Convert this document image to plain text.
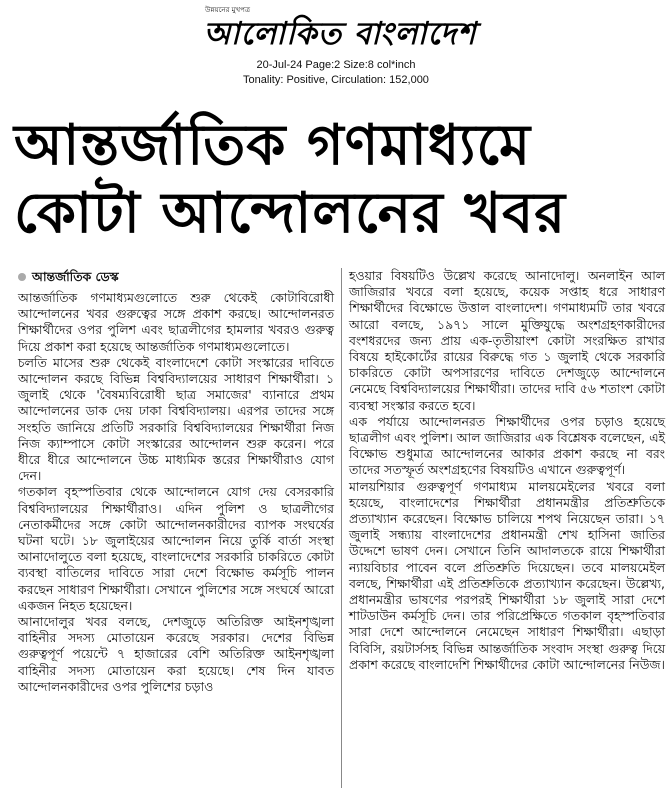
উন্নয়নের মুখপত্র
আলোকিত বাংলাদেশ
20-Jul-24 Page:2 Size:8 col*inch
Tonality: Positive, Circulation: 152,000
আন্তর্জাতিক গণমাধ্যমে
কোটা আন্দোলনের খবর
আন্তর্জাতিক ডেস্ক

আন্তর্জাতিক গণমাধ্যমগুলোতে শুরু থেকেই কোটাবিরোধী আন্দোলনের খবর গুরুত্বের সঙ্গে প্রকাশ করছে। আন্দোলনরত শিক্ষার্থীদের ওপর পুলিশ এবং ছাত্রলীগের হামলার খবরও গুরুত্ব দিয়ে প্রকাশ করা হয়েছে আন্তর্জাতিক গণমাধ্যমগুলোতে।

চলতি মাসের শুরু থেকেই বাংলাদেশে কোটা সংস্কারের দাবিতে আন্দোলন করছে বিভিন্ন বিশ্ববিদ্যালয়ের সাধারণ শিক্ষার্থীরা। ১ জুলাই থেকে 'বৈষম্যবিরোধী ছাত্র সমাজের' ব্যানারে প্রথম আন্দোলনের ডাক দেয় ঢাকা বিশ্ববিদ্যালয়। এরপর তাদের সঙ্গে সংহতি জানিয়ে প্রতিটি সরকারি বিশ্ববিদ্যালয়ের শিক্ষার্থীরা নিজ নিজ ক্যাম্পাসে কোটা সংস্কারের আন্দোলন শুরু করেন। পরে ধীরে ধীরে আন্দোলনে উচ্চ মাধ্যমিক স্তরের শিক্ষার্থীরাও যোগ দেন।

গতকাল বৃহস্পতিবার থেকে আন্দোলনে যোগ দেয় বেসরকারি বিশ্ববিদ্যালয়ের শিক্ষার্থীরাও। এদিন পুলিশ ও ছাত্রলীগের নেতাকর্মীদের সঙ্গে কোটা আন্দোলনকারীদের ব্যাপক সংঘর্ষের ঘটনা ঘটে। ১৮ জুলাইয়ের আন্দোলন নিয়ে তুর্কি বার্তা সংস্থা আনাদোলুতে বলা হয়েছে, বাংলাদেশের সরকারি চাকরিতে কোটা ব্যবস্থা বাতিলের দাবিতে সারা দেশে বিক্ষোভ কর্মসূচি পালন করছেন সাধারণ শিক্ষার্থীরা। সেখানে পুলিশের সঙ্গে সংঘর্ষে আরো একজন নিহত হয়েছেন।

আনাদোলুর খবর বলছে, দেশজুড়ে অতিরিক্ত আইনশৃঙ্খলা বাহিনীর সদস্য মোতায়েন করেছে সরকার। দেশের বিভিন্ন গুরুত্বপূর্ণ পয়েন্টে ৭ হাজারের বেশি অতিরিক্ত আইনশৃঙ্খলা বাহিনীর সদস্য মোতায়েন করা হয়েছে। শেষ দিন যাবত আন্দোলনকারীদের ওপর পুলিশের চড়াও

হওয়ার বিষয়টিও উল্লেখ করেছে আনাদোলু। অনলাইন আল জাজিরার খবরে বলা হয়েছে, কয়েক সপ্তাহ ধরে সাধারণ শিক্ষার্থীদের বিক্ষোভে উত্তাল বাংলাদেশ। গণমাধ্যমটি তার খবরে আরো বলছে, ১৯৭১ সালে মুক্তিযুদ্ধে অংশগ্রহণকারীদের বংশধরদের জন্য প্রায় এক-তৃতীয়াংশ কোটা সংরক্ষিত রাখার বিষয়ে হাইকোর্টের রায়ের বিরুদ্ধে গত ১ জুলাই থেকে সরকারি চাকরিতে কোটা অপসারণের দাবিতে দেশজুড়ে আন্দোলনে নেমেছে বিশ্ববিদ্যালয়ের শিক্ষার্থীরা। তাদের দাবি ৫৬ শতাংশ কোটা ব্যবস্থা সংস্কার করতে হবে।

এক পর্যায়ে আন্দোলনরত শিক্ষার্থীদের ওপর চড়াও হয়েছে ছাত্রলীগ এবং পুলিশ। আল জাজিরার এক বিশ্লেষক বলেছেন, এই বিক্ষোভ শুধুমাত্র আন্দোলনের আকার প্রকাশ করছে না বরং তাদের সতস্ফূর্ত অংশগ্রহণের বিষয়টিও এখানে গুরুত্বপূর্ণ।

মালয়শিয়ার গুরুত্বপূর্ণ গণমাধ্যম মালয়মেইলের খবরে বলা হয়েছে, বাংলাদেশের শিক্ষার্থীরা প্রধানমন্ত্রীর প্রতিশ্রুতিকে প্রত্যাখ্যান করেছেন। বিক্ষোভ চালিয়ে শপথ নিয়েছেন তারা। ১৭ জুলাই সন্ধ্যায় বাংলাদেশের প্রধানমন্ত্রী শেখ হাসিনা জাতির উদ্দেশে ভাষণ দেন। সেখানে তিনি আদালতকে রায়ে শিক্ষার্থীরা ন্যায়বিচার পাবেন বলে প্রতিশ্রুতি দিয়েছেন। তবে মালয়মেইল বলছে, শিক্ষার্থীরা এই প্রতিশ্রুতিকে প্রত্যাখ্যান করেছেন। উল্লেখ্য, প্রধানমন্ত্রীর ভাষণের পরপরই শিক্ষার্থীরা ১৮ জুলাই সারা দেশে শাটডাউন কর্মসূচি দেন। তার পরিপ্রেক্ষিতে গতকাল বৃহস্পতিবার সারা দেশে আন্দোলনে নেমেছেন সাধারণ শিক্ষার্থীরা। এছাড়া বিবিসি, রয়টার্সসহ বিভিন্ন আন্তর্জাতিক সংবাদ সংস্থা গুরুত্ব দিয়ে প্রকাশ করেছে বাংলাদেশি শিক্ষার্থীদের কোটা আন্দোলনের নিউজ।
